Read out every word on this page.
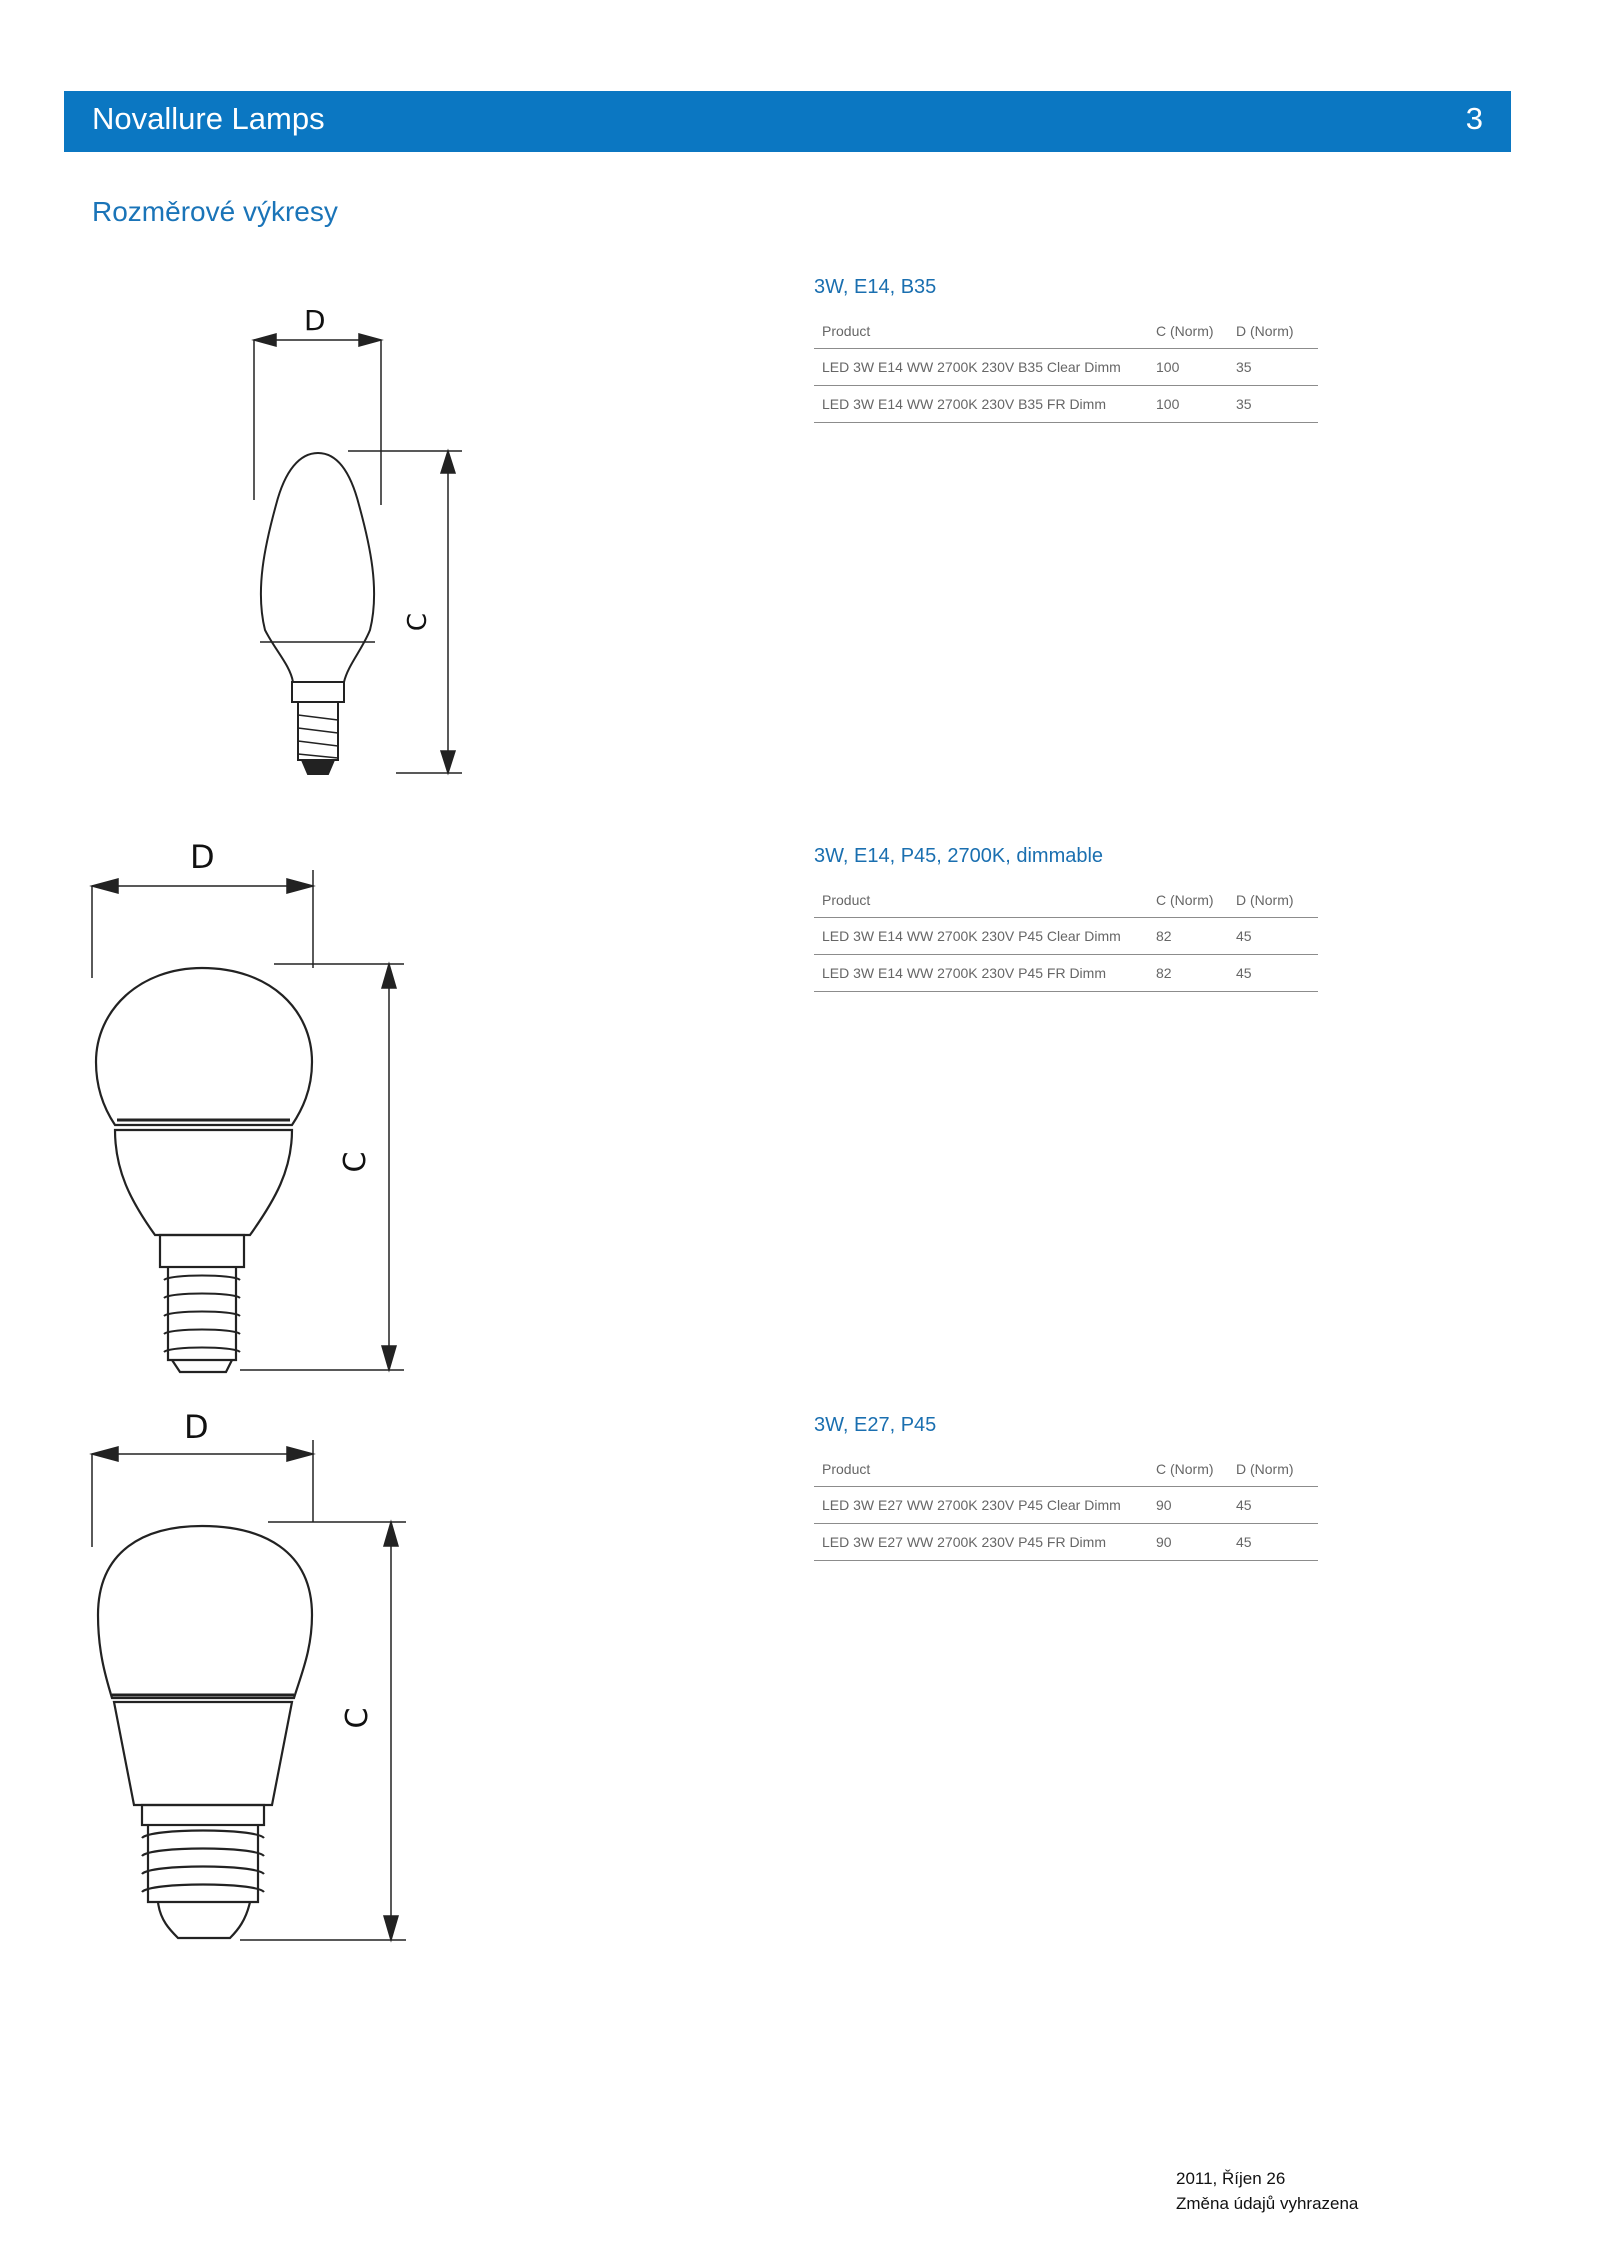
Novallure Lamps	3
Rozměrové výkresy
D
C
D
C
D
C
3W, E14, B35
Product	C (Norm)	D (Norm)
LED 3W E14 WW 2700K 230V B35 Clear Dimm	100	35
LED 3W E14 WW 2700K 230V B35 FR Dimm	100	35
3W, E14, P45, 2700K, dimmable
Product	C (Norm)	D (Norm)
LED 3W E14 WW 2700K 230V P45 Clear Dimm	82	45
LED 3W E14 WW 2700K 230V P45 FR Dimm	82	45
3W, E27, P45
Product	C (Norm)	D (Norm)
LED 3W E27 WW 2700K 230V P45 Clear Dimm	90	45
LED 3W E27 WW 2700K 230V P45 FR Dimm	90	45
2011, Říjen 26
Změna údajů vyhrazena
